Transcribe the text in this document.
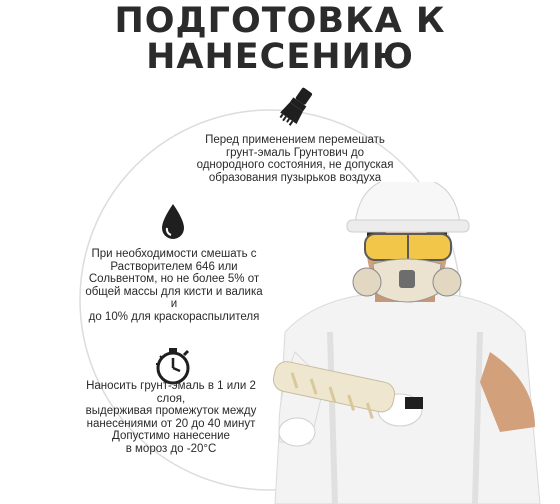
ПОДГОТОВКА К
НАНЕСЕНИЮ
Перед применением перемешать
грунт-эмаль Грунтович до
однородного состояния, не допуская
образования пузырьков воздуха
При необходимости смешать с
Растворителем 646 или
Сольвентом, но не более 5% от
общей массы для кисти и валика и
до 10% для краскораспылителя
Наносить грунт-эмаль в 1 или 2 слоя,
выдерживая промежуток между
нанесениями от 20 до 40 минут
Допустимо нанесение
в мороз до -20°C
